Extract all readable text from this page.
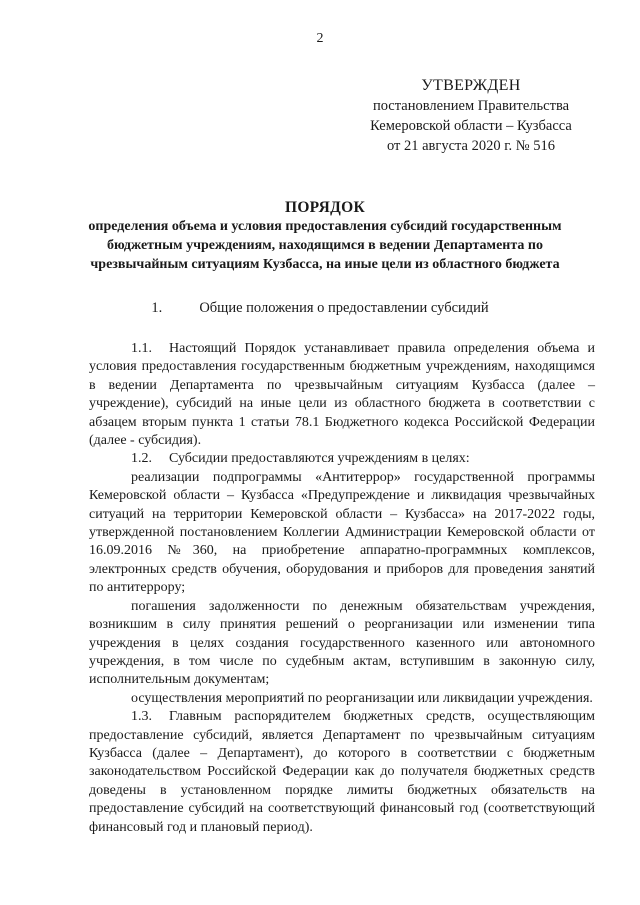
2
УТВЕРЖДЕН
постановлением Правительства
Кемеровской области – Кузбасса
от 21 августа 2020 г. № 516
ПОРЯДОК
определения объема и условия предоставления субсидий государственным бюджетным учреждениям, находящимся в ведении Департамента по чрезвычайным ситуациям Кузбасса, на иные цели из областного бюджета
1.	Общие положения о предоставлении субсидий

1.1. Настоящий Порядок устанавливает правила определения объема и условия предоставления государственным бюджетным учреждениям, находящимся в ведении Департамента по чрезвычайным ситуациям Кузбасса (далее – учреждение), субсидий на иные цели из областного бюджета в соответствии с абзацем вторым пункта 1 статьи 78.1 Бюджетного кодекса Российской Федерации (далее - субсидия).

1.2. Субсидии предоставляются учреждениям в целях:

реализации подпрограммы «Антитеррор» государственной программы Кемеровской области – Кузбасса «Предупреждение и ликвидация чрезвычайных ситуаций на территории Кемеровской области – Кузбасса» на 2017-2022 годы, утвержденной постановлением Коллегии Администрации Кемеровской области от 16.09.2016 №360, на приобретение аппаратно-программных комплексов, электронных средств обучения, оборудования и приборов для проведения занятий по антитеррору;

погашения задолженности по денежным обязательствам учреждения, возникшим в силу принятия решений о реорганизации или изменении типа учреждения в целях создания государственного казенного или автономного учреждения, в том числе по судебным актам, вступившим в законную силу, исполнительным документам;

осуществления мероприятий по реорганизации или ликвидации учреждения.

1.3. Главным распорядителем бюджетных средств, осуществляющим предоставление субсидий, является Департамент по чрезвычайным ситуациям Кузбасса (далее – Департамент), до которого в соответствии с бюджетным законодательством Российской Федерации как до получателя бюджетных средств доведены в установленном порядке лимиты бюджетных обязательств на предоставление субсидий на соответствующий финансовый год (соответствующий финансовый год и плановый период).
